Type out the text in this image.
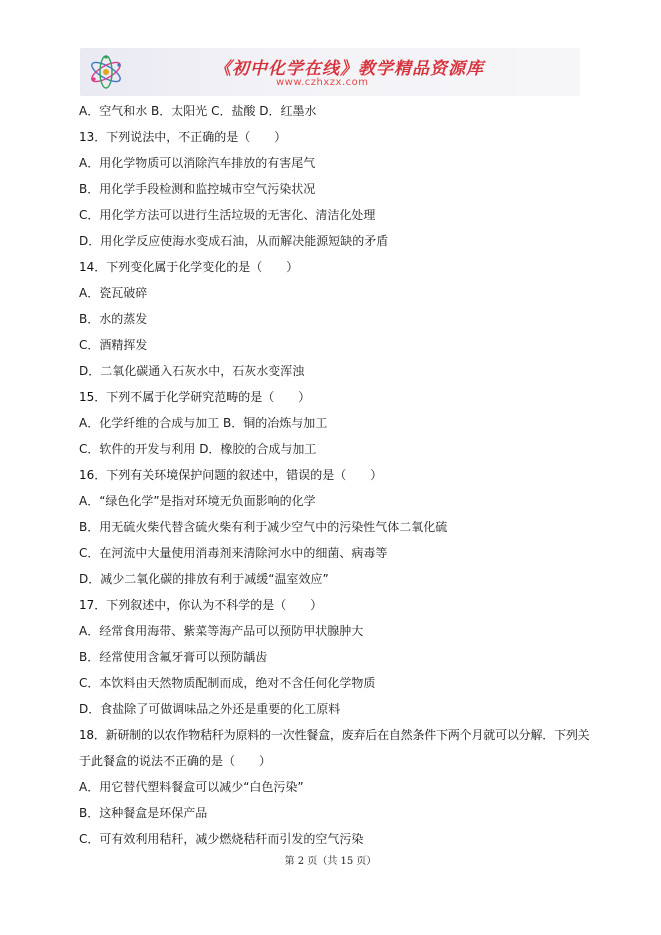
《初中化学在线》教学精品资源库
www.czhxzx.com
A．空气和水 B．太阳光 C．盐酸 D．红墨水
13．下列说法中，不正确的是（　　）
A．用化学物质可以消除汽车排放的有害尾气
B．用化学手段检测和监控城市空气污染状况
C．用化学方法可以进行生活垃圾的无害化、清洁化处理
D．用化学反应使海水变成石油，从而解决能源短缺的矛盾
14．下列变化属于化学变化的是（　　）
A．瓷瓦破碎
B．水的蒸发
C．酒精挥发
D．二氧化碳通入石灰水中，石灰水变浑浊
15．下列不属于化学研究范畴的是（　　）
A．化学纤维的合成与加工 B．铜的冶炼与加工
C．软件的开发与利用 D．橡胶的合成与加工
16．下列有关环境保护问题的叙述中，错误的是（　　）
A．“绿色化学”是指对环境无负面影响的化学
B．用无硫火柴代替含硫火柴有利于减少空气中的污染性气体二氧化硫
C．在河流中大量使用消毒剂来清除河水中的细菌、病毒等
D．减少二氧化碳的排放有利于减缓“温室效应”
17．下列叙述中，你认为不科学的是（　　）
A．经常食用海带、紫菜等海产品可以预防甲状腺肿大
B．经常使用含氟牙膏可以预防龋齿
C．本饮料由天然物质配制而成，绝对不含任何化学物质
D．食盐除了可做调味品之外还是重要的化工原料
18．新研制的以农作物秸秆为原料的一次性餐盒，废弃后在自然条件下两个月就可以分解．下列关
于此餐盒的说法不正确的是（　　）
A．用它替代塑料餐盒可以减少“白色污染”
B．这种餐盒是环保产品
C．可有效利用秸秆，减少燃烧秸秆而引发的空气污染
第 2 页（共 15 页）
